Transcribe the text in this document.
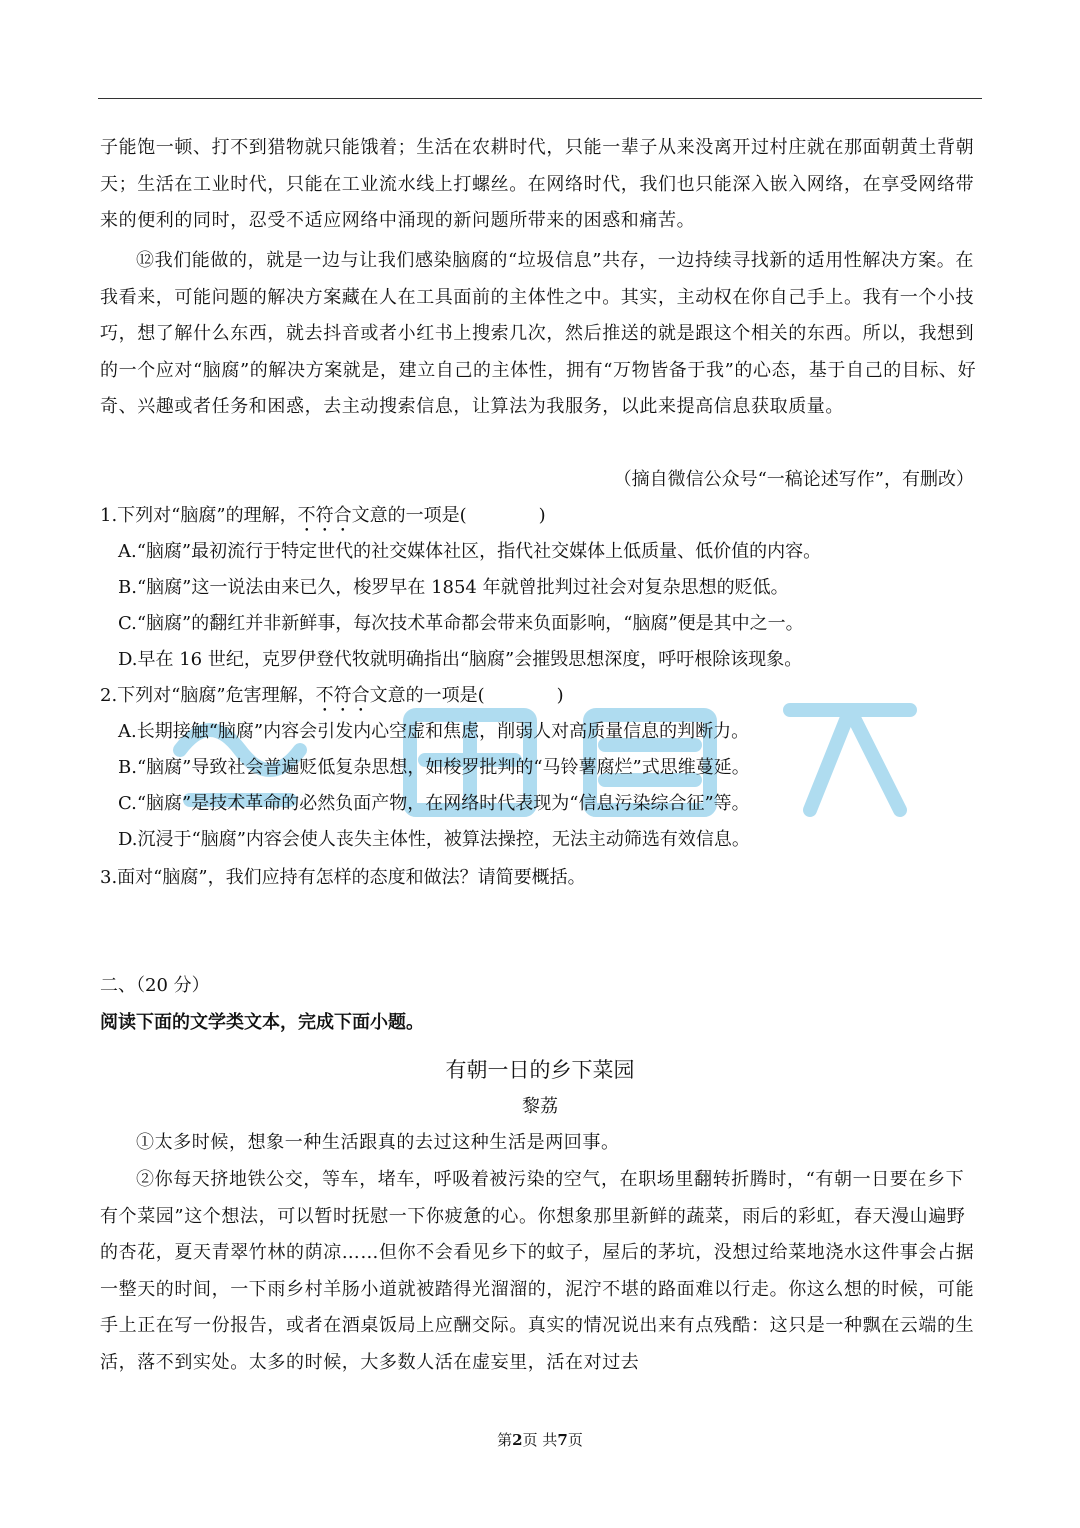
子能饱一顿、打不到猎物就只能饿着；生活在农耕时代，只能一辈子从来没离开过村庄就在那面朝黄土背朝天；生活在工业时代，只能在工业流水线上打螺丝。在网络时代，我们也只能深入嵌入网络，在享受网络带来的便利的同时，忍受不适应网络中涌现的新问题所带来的困惑和痛苦。

⑫我们能做的，就是一边与让我们感染脑腐的“垃圾信息”共存，一边持续寻找新的适用性解决方案。在我看来，可能问题的解决方案藏在人在工具面前的主体性之中。其实，主动权在你自己手上。我有一个小技巧，想了解什么东西，就去抖音或者小红书上搜索几次，然后推送的就是跟这个相关的东西。所以，我想到的一个应对“脑腐”的解决方案就是，建立自己的主体性，拥有“万物皆备于我”的心态，基于自己的目标、好奇、兴趣或者任务和困惑，去主动搜索信息，让算法为我服务，以此来提高信息获取质量。

（摘自微信公众号“一稿论述写作”，有删改）

1.下列对“脑腐”的理解，不符合文意的一项是(	)

A.“脑腐”最初流行于特定世代的社交媒体社区，指代社交媒体上低质量、低价值的内容。

B.“脑腐”这一说法由来已久，梭罗早在 1854 年就曾批判过社会对复杂思想的贬低。

C.“脑腐”的翻红并非新鲜事，每次技术革命都会带来负面影响，“脑腐”便是其中之一。

D.早在 16 世纪，克罗伊登代牧就明确指出“脑腐”会摧毁思想深度，呼吁根除该现象。

2.下列对“脑腐”危害理解，不符合文意的一项是(	)

A.长期接触“脑腐”内容会引发内心空虚和焦虑，削弱人对高质量信息的判断力。

B.“脑腐”导致社会普遍贬低复杂思想，如梭罗批判的“马铃薯腐烂”式思维蔓延。

C.“脑腐”是技术革命的必然负面产物，在网络时代表现为“信息污染综合征”等。

D.沉浸于“脑腐”内容会使人丧失主体性，被算法操控，无法主动筛选有效信息。

3.面对“脑腐”，我们应持有怎样的态度和做法？请简要概括。

二、（20 分）

阅读下面的文学类文本，完成下面小题。

有朝一日的乡下菜园

黎荔

①太多时候，想象一种生活跟真的去过这种生活是两回事。

②你每天挤地铁公交，等车，堵车，呼吸着被污染的空气，在职场里翻转折腾时，“有朝一日要在乡下有个菜园”这个想法，可以暂时抚慰一下你疲惫的心。你想象那里新鲜的蔬菜，雨后的彩虹，春天漫山遍野的杏花，夏天青翠竹林的荫凉……但你不会看见乡下的蚊子，屋后的茅坑，没想过给菜地浇水这件事会占据一整天的时间，一下雨乡村羊肠小道就被踏得光溜溜的，泥泞不堪的路面难以行走。你这么想的时候，可能手上正在写一份报告，或者在酒桌饭局上应酬交际。真实的情况说出来有点残酷：这只是一种飘在云端的生活，落不到实处。太多的时候，大多数人活在虚妄里，活在对过去

第2页 共7页
